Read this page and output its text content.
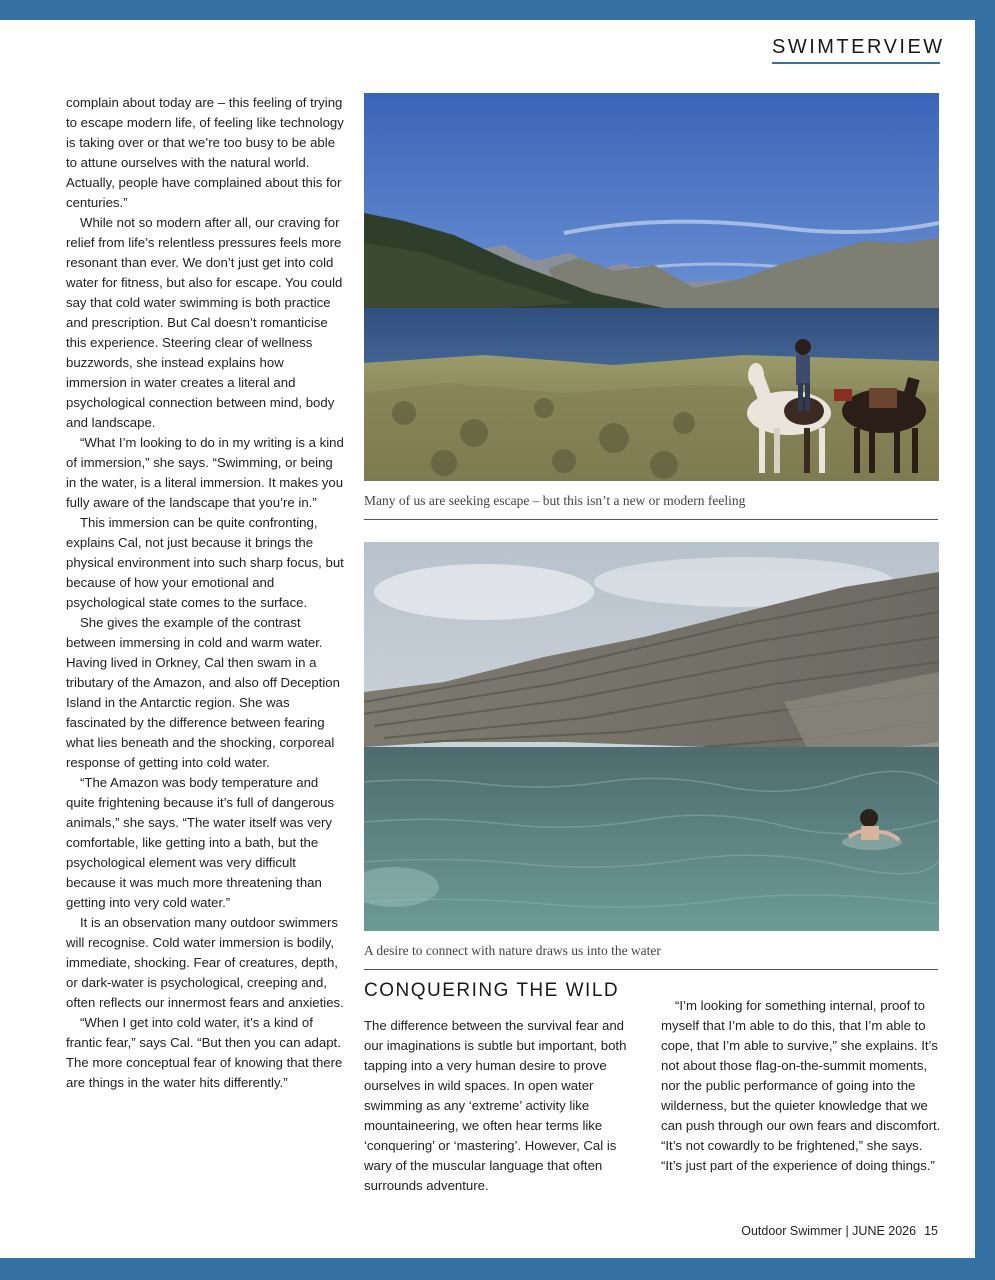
SWIMTERVIEW

complain about today are – this feeling of trying to escape modern life, of feeling like technology is taking over or that we’re too busy to be able to attune ourselves with the natural world. Actually, people have complained about this for centuries.”

While not so modern after all, our craving for relief from life’s relentless pressures feels more resonant than ever. We don’t just get into cold water for fitness, but also for escape. You could say that cold water swimming is both practice and prescription. But Cal doesn’t romanticise this experience. Steering clear of wellness buzzwords, she instead explains how immersion in water creates a literal and psychological connection between mind, body and landscape.

“What I’m looking to do in my writing is a kind of immersion,” she says. “Swimming, or being in the water, is a literal immersion. It makes you fully aware of the landscape that you’re in.”

This immersion can be quite confronting, explains Cal, not just because it brings the physical environment into such sharp focus, but because of how your emotional and psychological state comes to the surface.

She gives the example of the contrast between immersing in cold and warm water. Having lived in Orkney, Cal then swam in a tributary of the Amazon, and also off Deception Island in the Antarctic region. She was fascinated by the difference between fearing what lies beneath and the shocking, corporeal response of getting into cold water.

“The Amazon was body temperature and quite frightening because it’s full of dangerous animals,” she says. “The water itself was very comfortable, like getting into a bath, but the psychological element was very difficult because it was much more threatening than getting into very cold water.”

It is an observation many outdoor swimmers will recognise. Cold water immersion is bodily, immediate, shocking. Fear of creatures, depth, or dark-water is psychological, creeping and, often reflects our innermost fears and anxieties.

“When I get into cold water, it’s a kind of frantic fear,” says Cal. “But then you can adapt. The more conceptual fear of knowing that there are things in the water hits differently.”

Many of us are seeking escape – but this isn’t a new or modern feeling
A desire to connect with nature draws us into the water
CONQUERING THE WILD

The difference between the survival fear and our imaginations is subtle but important, both tapping into a very human desire to prove ourselves in wild spaces. In open water swimming as any ‘extreme’ activity like mountaineering, we often hear terms like ‘conquering’ or ‘mastering’. However, Cal is wary of the muscular language that often surrounds adventure.

“I’m looking for something internal, proof to myself that I’m able to do this, that I’m able to cope, that I’m able to survive,” she explains. It’s not about those flag-on-the-summit moments, nor the public performance of going into the wilderness, but the quieter knowledge that we can push through our own fears and discomfort. “It’s not cowardly to be frightened,” she says. “It’s just part of the experience of doing things.”

Outdoor Swimmer | JUNE 2026 15
